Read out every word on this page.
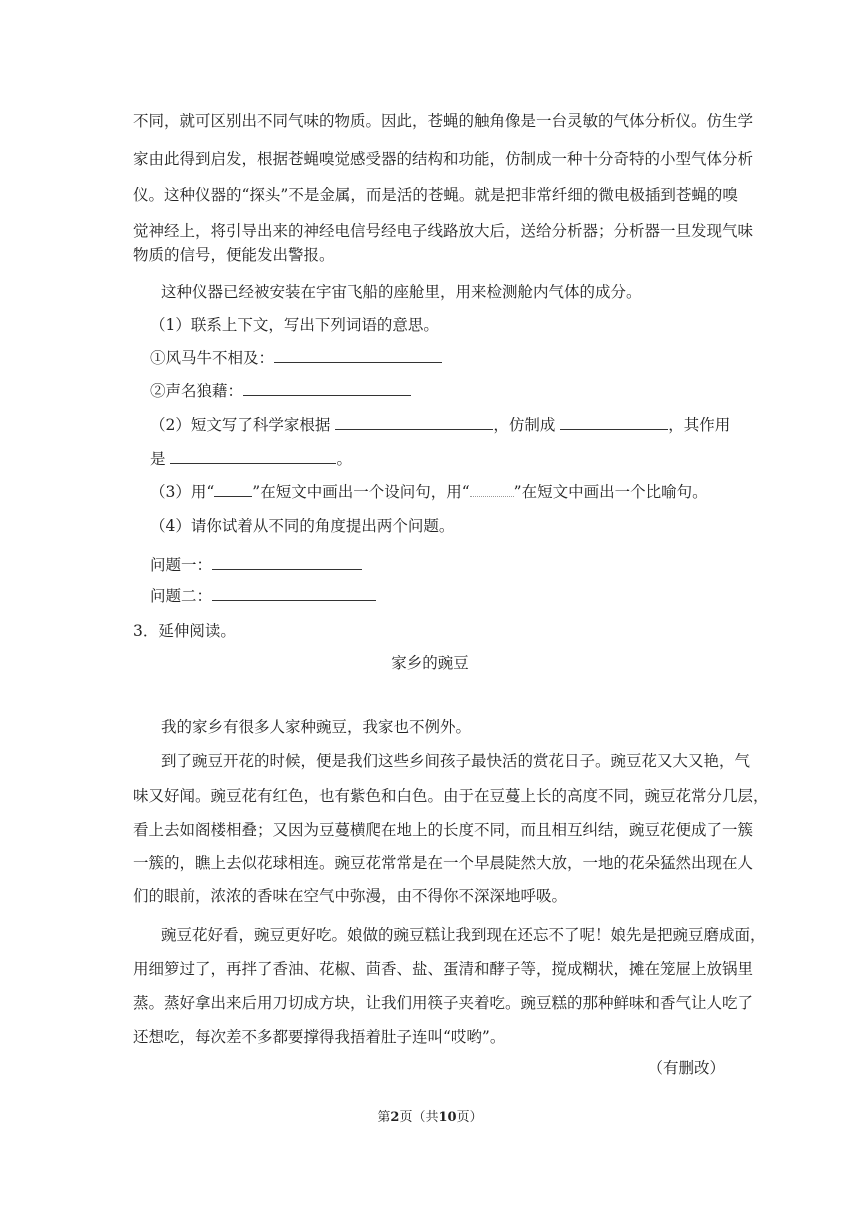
不同，就可区别出不同气味的物质。因此，苍蝇的触角像是一台灵敏的气体分析仪。仿生学
家由此得到启发，根据苍蝇嗅觉感受器的结构和功能，仿制成一种十分奇特的小型气体分析
仪。这种仪器的“探头”不是金属，而是活的苍蝇。就是把非常纤细的微电极插到苍蝇的嗅
觉神经上，将引导出来的神经电信号经电子线路放大后，送给分析器；分析器一旦发现气味
物质的信号，便能发出警报。
这种仪器已经被安装在宇宙飞船的座舱里，用来检测舱内气体的成分。
（1）联系上下文，写出下列词语的意思。
①风马牛不相及：
②声名狼藉：
（2）短文写了科学家根据	，仿制成	，其作用
是	。
（3）用“ ”在短文中画出一个设问句，用“	”在短文中画出一个比喻句。
（4）请你试着从不同的角度提出两个问题。
问题一：
问题二：
3．延伸阅读。
家乡的豌豆
我的家乡有很多人家种豌豆，我家也不例外。
到了豌豆开花的时候，便是我们这些乡间孩子最快活的赏花日子。豌豆花又大又艳，气
味又好闻。豌豆花有红色，也有紫色和白色。由于在豆蔓上长的高度不同，豌豆花常分几层，
看上去如阁楼相叠；又因为豆蔓横爬在地上的长度不同，而且相互纠结，豌豆花便成了一簇
一簇的，瞧上去似花球相连。豌豆花常常是在一个早晨陡然大放，一地的花朵猛然出现在人
们的眼前，浓浓的香味在空气中弥漫，由不得你不深深地呼吸。
豌豆花好看，豌豆更好吃。娘做的豌豆糕让我到现在还忘不了呢！娘先是把豌豆磨成面，
用细箩过了，再拌了香油、花椒、茴香、盐、蛋清和酵子等，搅成糊状，摊在笼屉上放锅里
蒸。蒸好拿出来后用刀切成方块，让我们用筷子夹着吃。豌豆糕的那种鲜味和香气让人吃了
还想吃，每次差不多都要撑得我捂着肚子连叫“哎哟”。
（有删改）
第2页（共10页）
